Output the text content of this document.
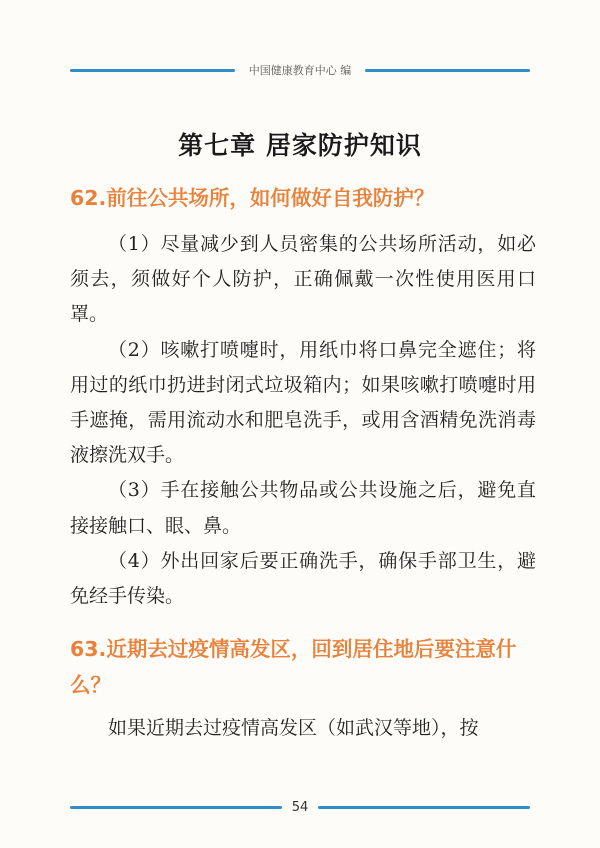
中国健康教育中心 编
第七章 居家防护知识
62.前往公共场所，如何做好自我防护？

（1）尽量减少到人员密集的公共场所活动，如必须去，须做好个人防护，正确佩戴一次性使用医用口罩。

（2）咳嗽打喷嚏时，用纸巾将口鼻完全遮住；将用过的纸巾扔进封闭式垃圾箱内；如果咳嗽打喷嚏时用手遮掩，需用流动水和肥皂洗手，或用含酒精免洗消毒液擦洗双手。

（3）手在接触公共物品或公共设施之后，避免直接接触口、眼、鼻。

（4）外出回家后要正确洗手，确保手部卫生，避免经手传染。

63.近期去过疫情高发区，回到居住地后要注意什么？

如果近期去过疫情高发区（如武汉等地），按

54
